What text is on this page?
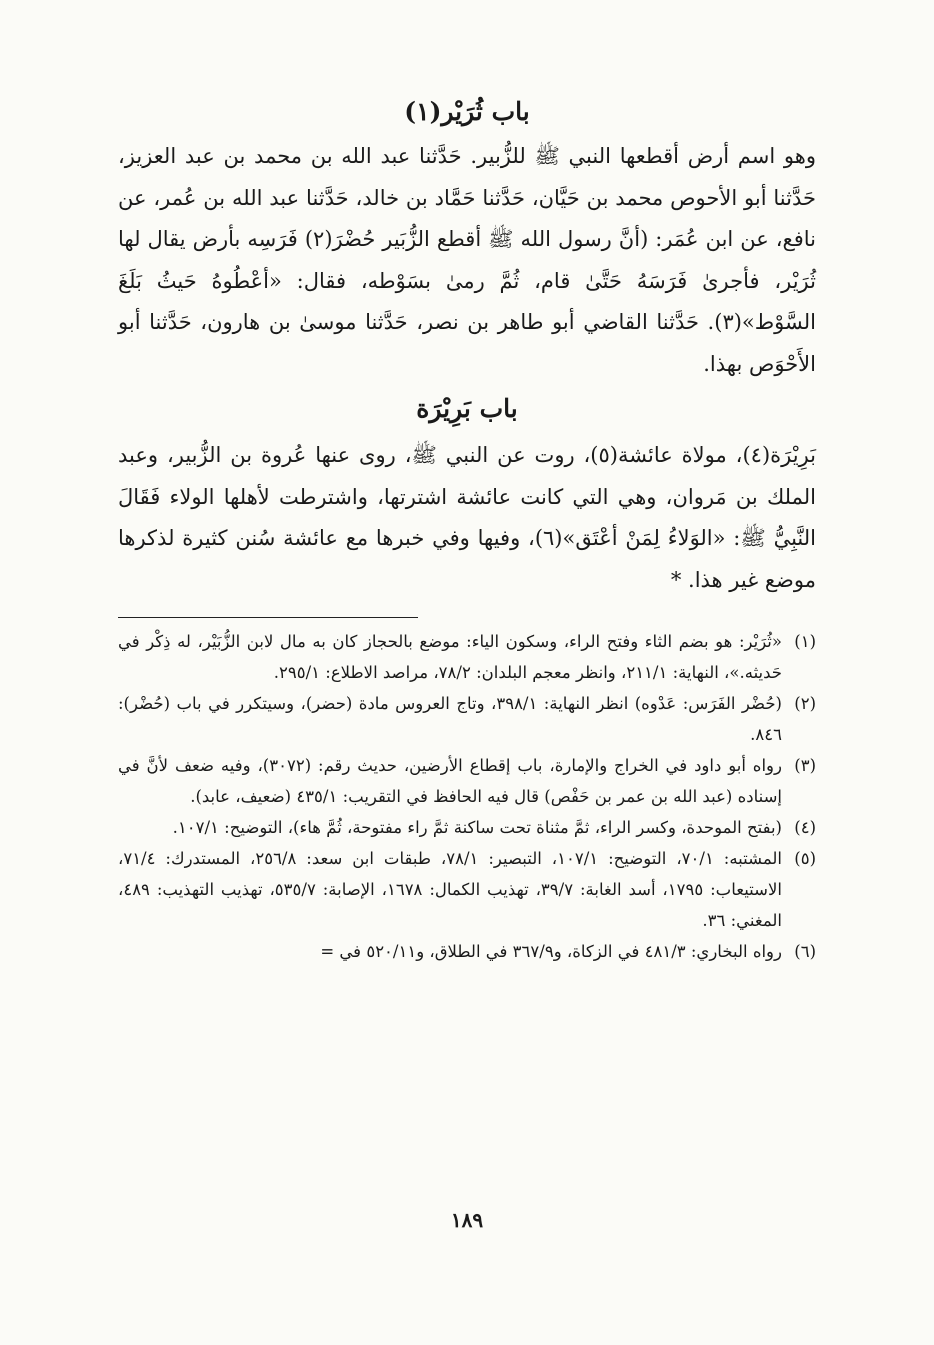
باب ثُرَيْر(١)

وهو اسم أرض أقطعها النبي ﷺ للزُّبير. حَدَّثنا عبد الله بن محمد بن عبد العزيز، حَدَّثنا أبو الأحوص محمد بن حَيَّان، حَدَّثنا حَمَّاد بن خالد، حَدَّثنا عبد الله بن عُمر، عن نافع، عن ابن عُمَر: (أنَّ رسول الله ﷺ أقطع الزُّبَير حُضْرَ(٢) فَرَسِه بأرض يقال لها ثُرَيْر، فأجرىٰ فَرَسَهُ حَتَّىٰ قام، ثُمَّ رمىٰ بسَوْطه، فقال: «أعْطُوهُ حَيثُ بَلَغَ السَّوْط»(٣). حَدَّثنا القاضي أبو طاهر بن نصر، حَدَّثنا موسىٰ بن هارون، حَدَّثنا أبو الأَحْوَص بهذا.

باب بَرِيْرَة

بَرِيْرَة(٤)، مولاة عائشة(٥)، روت عن النبي ﷺ، روى عنها عُروة بن الزُّبير، وعبد الملك بن مَروان، وهي التي كانت عائشة اشترتها، واشترطت لأهلها الولاء فَقَالَ النَّبِيُّ ﷺ: «الوَلاءُ لِمَنْ أعْتَق»(٦)، وفيها وفي خبرها مع عائشة سُنن كثيرة لذكرها موضع غير هذا. *

(١)
«ثُرَيْر: هو بضم الثاء وفتح الراء، وسكون الياء: موضع بالحجاز كان به مال لابن الزُّبَيْر، له ذِكْر في حَديثه.»، النهاية: ٢١١/١، وانظر معجم البلدان: ٧٨/٢، مراصد الاطلاع: ٢٩٥/١.
(٢)
(حُضْر الفَرَس: عَدْوه) انظر النهاية: ٣٩٨/١، وتاج العروس مادة (حضر)، وسيتكرر في باب (حُضْر): ٨٤٦.
(٣)
رواه أبو داود في الخراج والإمارة، باب إقطاع الأرضين، حديث رقم: (٣٠٧٢)، وفيه ضعف لأنَّ في إسناده (عبد الله بن عمر بن حَفْص) قال فيه الحافظ في التقريب: ٤٣٥/١ (ضعيف، عابد).
(٤)
(بفتح الموحدة، وكسر الراء، ثمَّ مثناة تحت ساكنة ثمَّ راء مفتوحة، ثُمَّ هاء)، التوضيح: ١٠٧/١.
(٥)
المشتبه: ٧٠/١، التوضيح: ١٠٧/١، التبصير: ٧٨/١، طبقات ابن سعد: ٢٥٦/٨، المستدرك: ٧١/٤، الاستيعاب: ١٧٩٥، أسد الغابة: ٣٩/٧، تهذيب الكمال: ١٦٧٨، الإصابة: ٥٣٥/٧، تهذيب التهذيب: ٤٨٩، المغني: ٣٦.
(٦)
رواه البخاري: ٤٨١/٣ في الزكاة، و٣٦٧/٩ في الطلاق، و٥٢٠/١١ في =
١٨٩
